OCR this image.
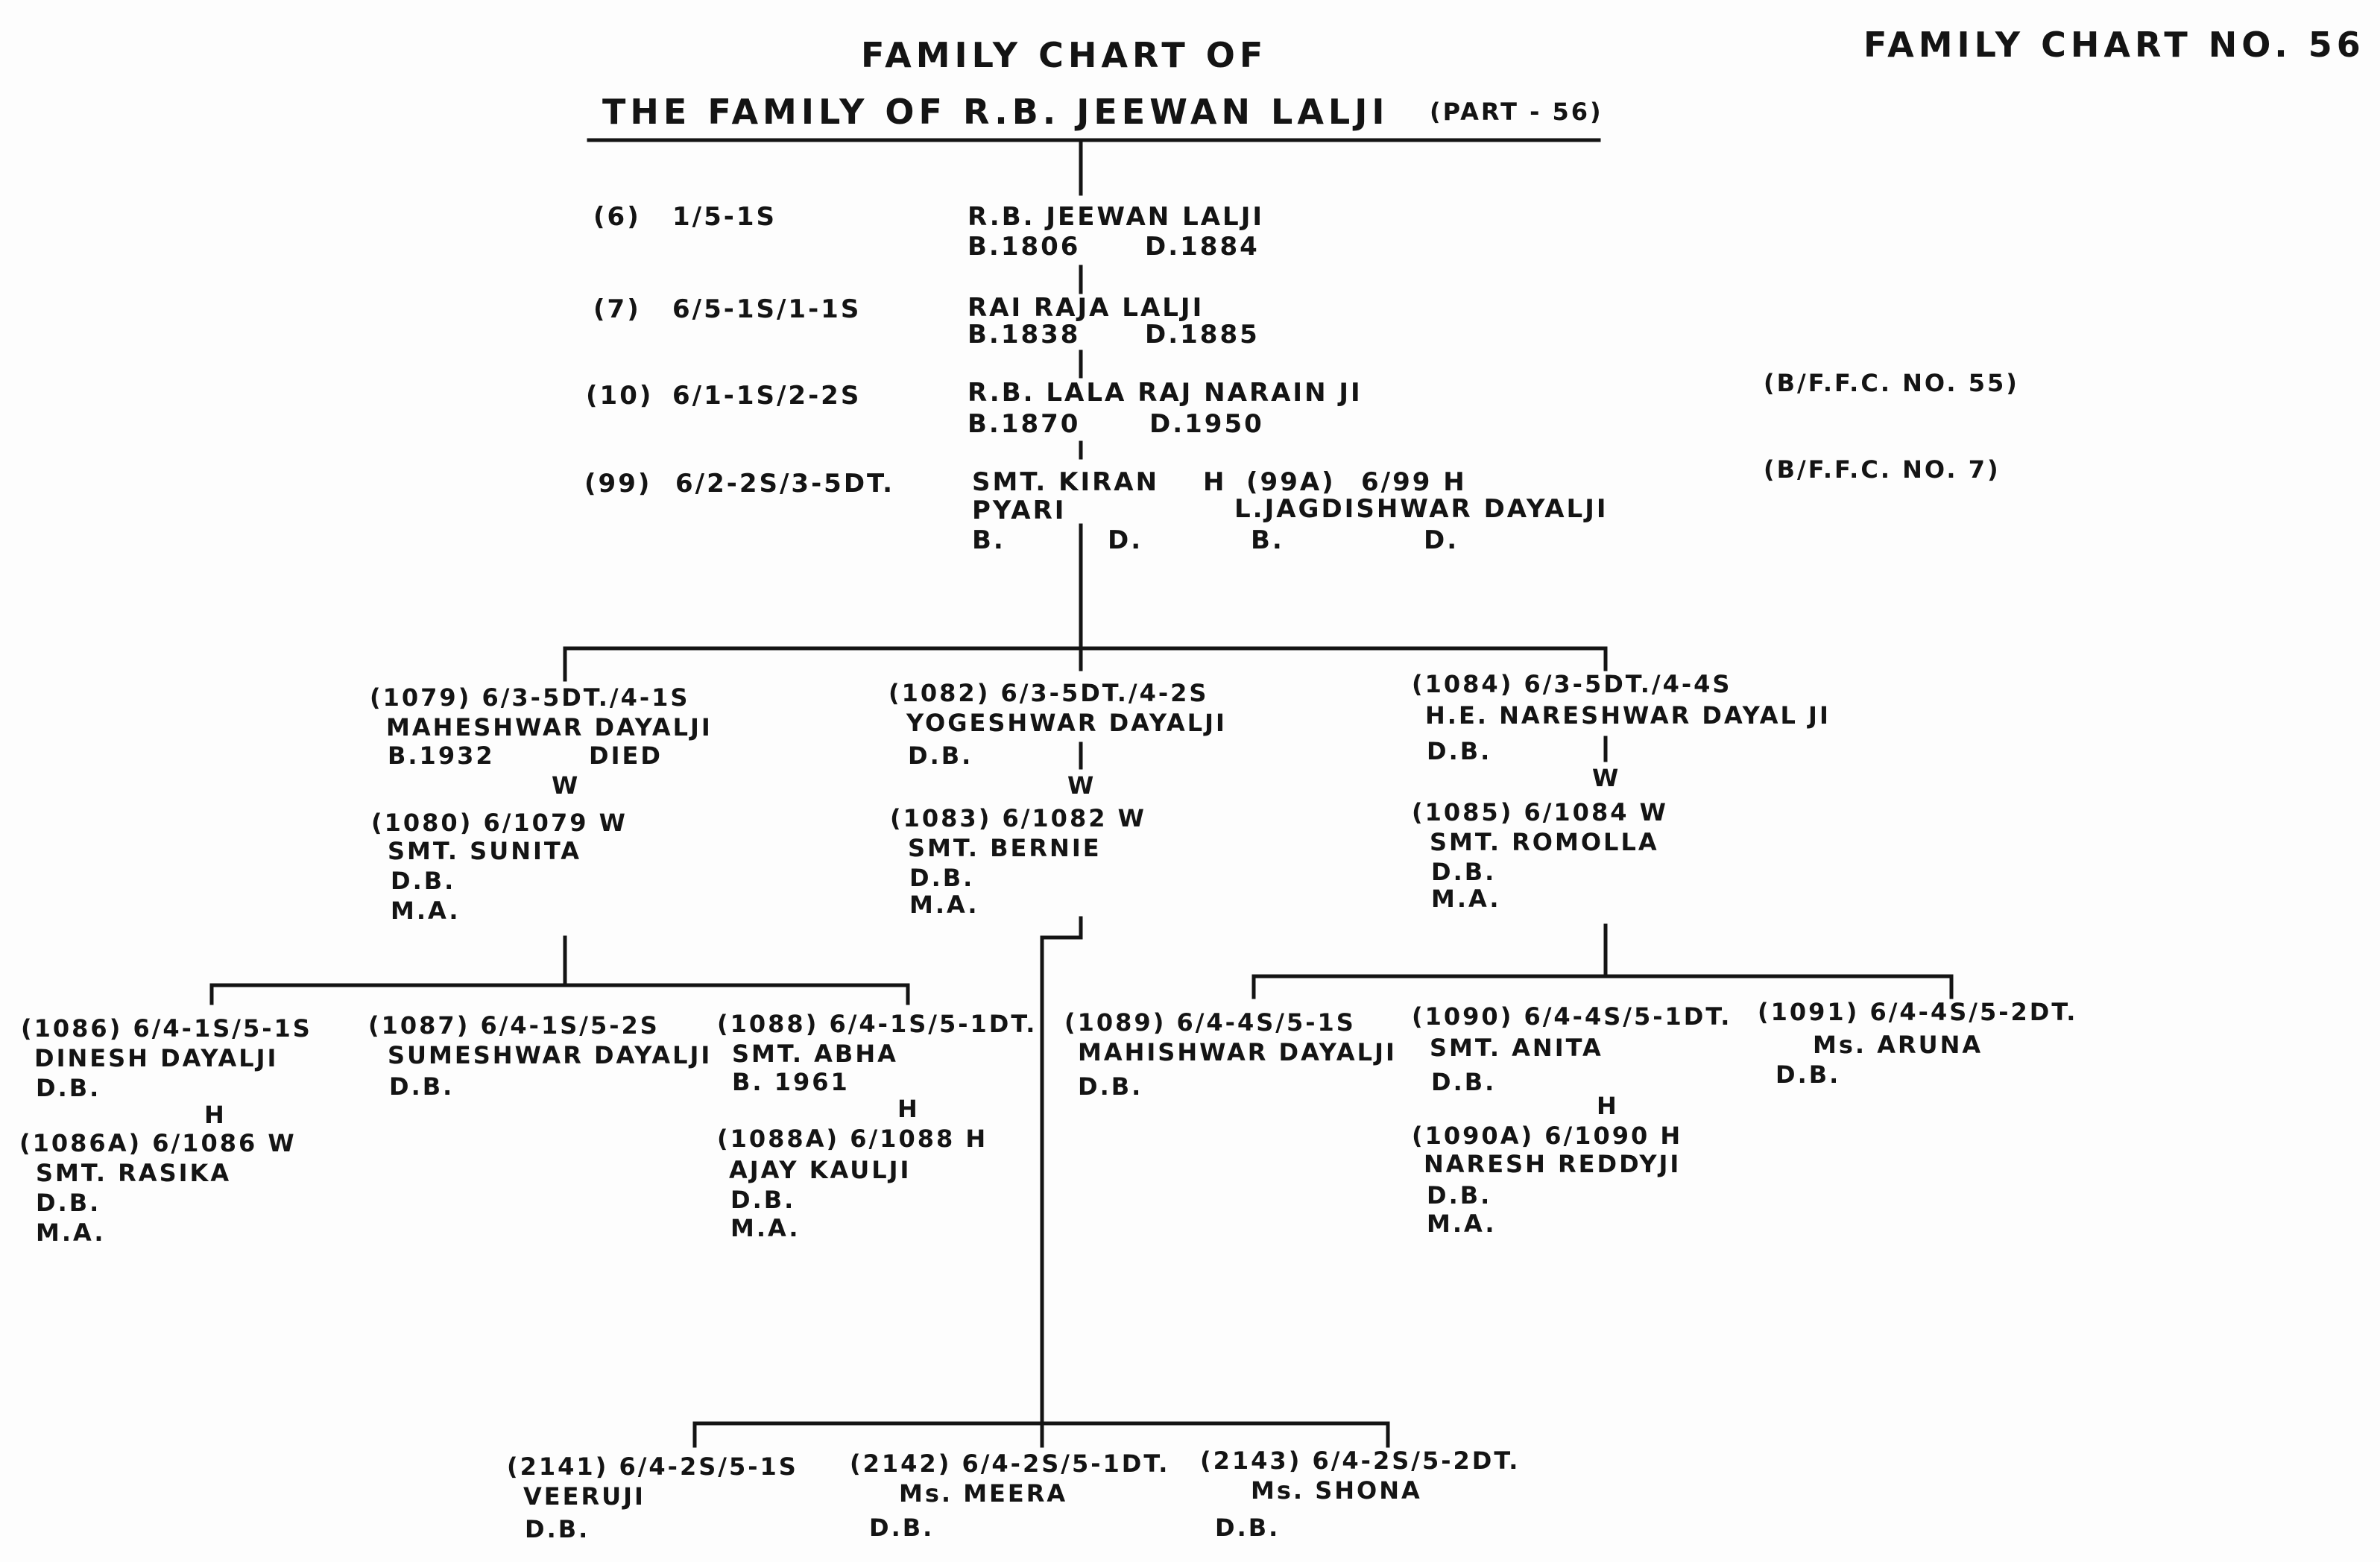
FAMILY CHART OF
THE FAMILY OF R.B. JEEWAN LALJI (PART - 56)
FAMILY CHART NO. 56
(6) 1/5-1S	R.B. JEEWAN LALJI
B.1806	D.1884
(7) 6/5-1S/1-1S	RAI RAJA LALJI
B.1838	D.1885
(10) 6/1-1S/2-2S	R.B. LALA RAJ NARAIN JI
B.1870	D.1950
(B/F.F.C. NO. 55)
(99) 6/2-2S/3-5DT.	SMT. KIRAN
PYARI
B.	D.
H (99A) 6/99 H
L.JAGDISHWAR DAYALJI
B.	D.
(B/F.F.C. NO. 7)
(1079) 6/3-5DT./4-1S
MAHESHWAR DAYALJI
B.1932	DIED
W
(1080) 6/1079 W
SMT. SUNITA
D.B.
M.A.
(1082) 6/3-5DT./4-2S
YOGESHWAR DAYALJI
D.B.
W
(1083) 6/1082 W
SMT. BERNIE
D.B.
M.A.
(1084) 6/3-5DT./4-4S
H.E. NARESHWAR DAYAL JI
D.B.
W
(1085) 6/1084 W
SMT. ROMOLLA
D.B.
M.A.
(1086) 6/4-1S/5-1S
DINESH DAYALJI
D.B.
H
(1086A) 6/1086 W
SMT. RASIKA
D.B.
M.A.
(1087) 6/4-1S/5-2S
SUMESHWAR DAYALJI
D.B.
(1088) 6/4-1S/5-1DT.
SMT. ABHA
B. 1961
H
(1088A) 6/1088 H
AJAY KAULJI
D.B.
M.A.
(1089) 6/4-4S/5-1S
MAHISHWAR DAYALJI
D.B.
(1090) 6/4-4S/5-1DT.
SMT. ANITA
D.B.
H
(1090A) 6/1090 H
NARESH REDDYJI
D.B.
M.A.
(1091) 6/4-4S/5-2DT.
Ms. ARUNA
D.B.
(2141) 6/4-2S/5-1S
VEERUJI
D.B.
(2142) 6/4-2S/5-1DT.
Ms. MEERA
D.B.
(2143) 6/4-2S/5-2DT.
Ms. SHONA
D.B.
